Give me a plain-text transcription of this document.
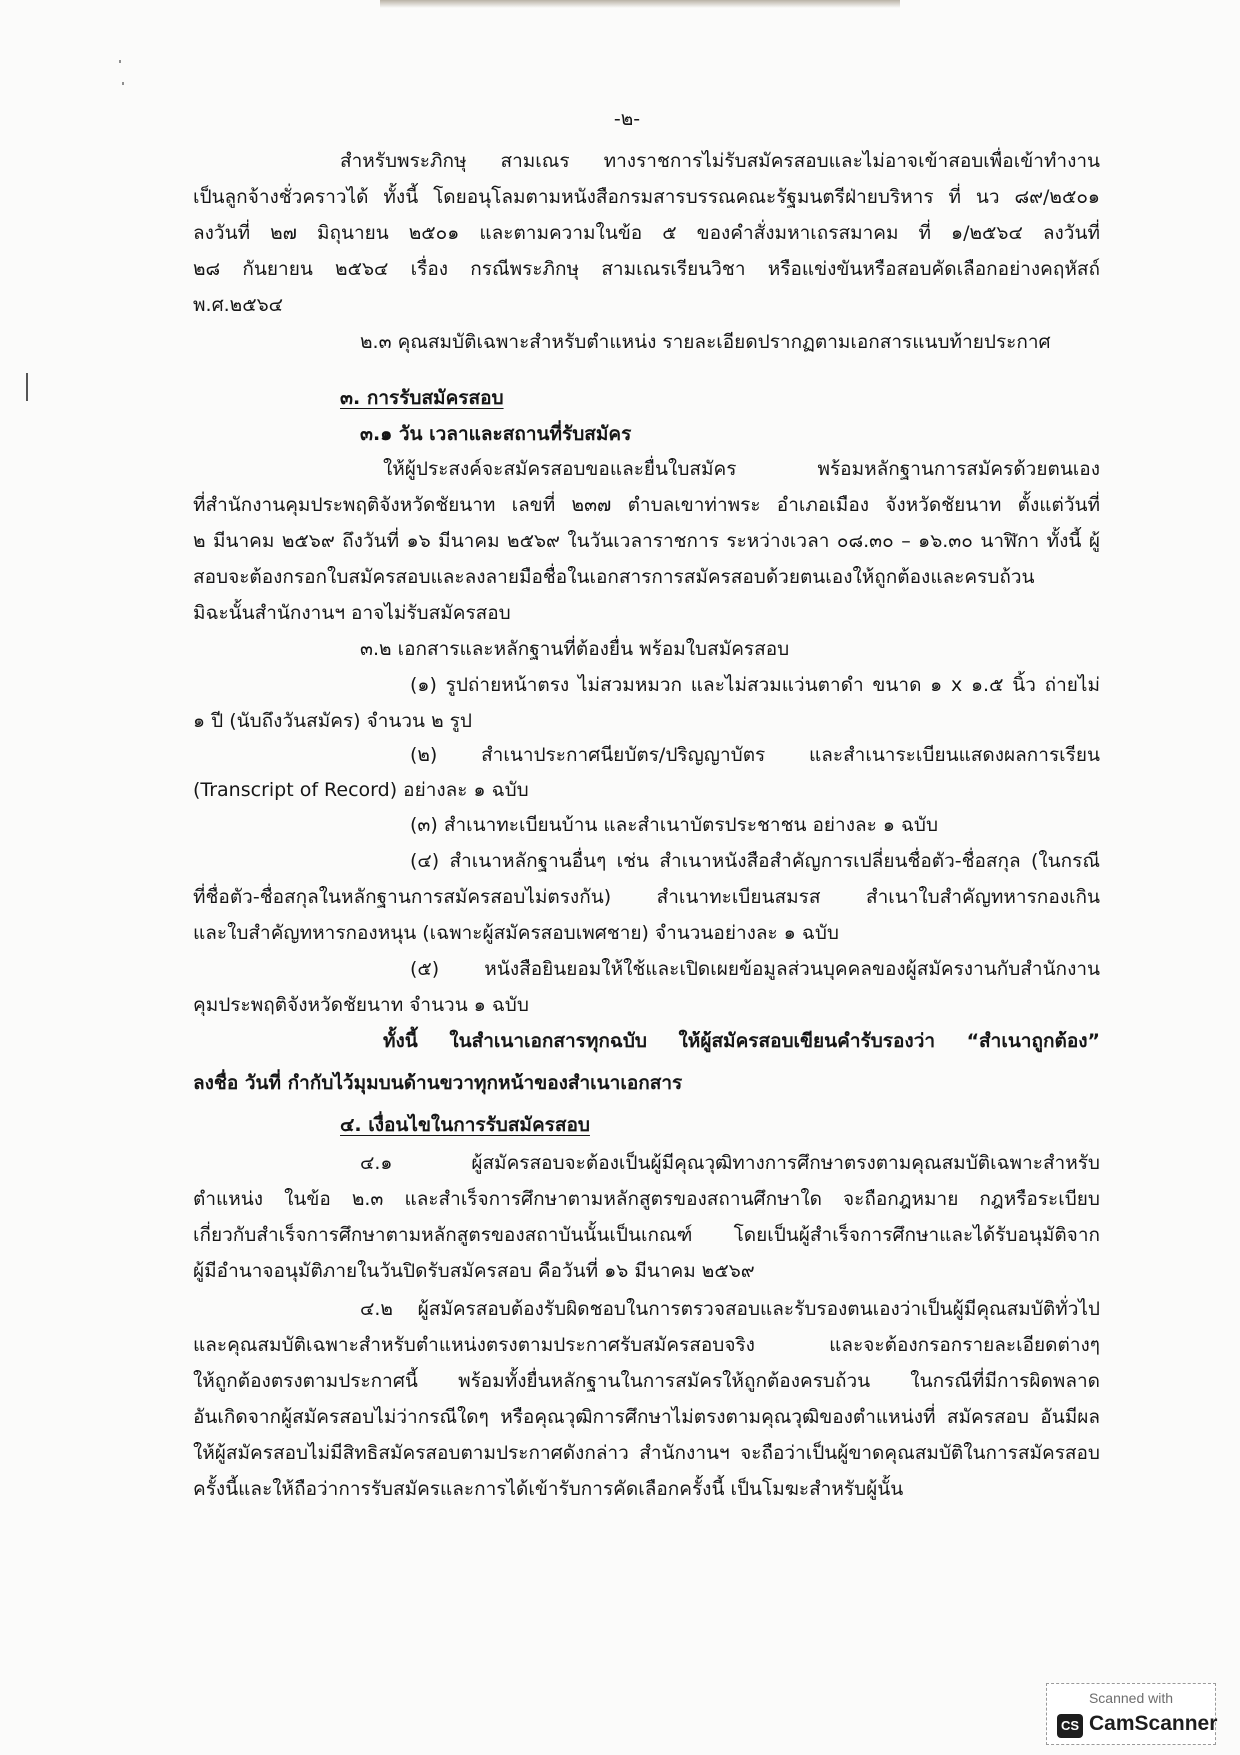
-๒-
สำหรับพระภิกษุ สามเณร ทางราชการไม่รับสมัครสอบและไม่อาจเข้าสอบเพื่อเข้าทำงาน
เป็นลูกจ้างชั่วคราวได้ ทั้งนี้ โดยอนุโลมตามหนังสือกรมสารบรรณคณะรัฐมนตรีฝ่ายบริหาร ที่ นว ๘๙/๒๕๐๑
ลงวันที่ ๒๗ มิถุนายน ๒๕๐๑ และตามความในข้อ ๕ ของคำสั่งมหาเถรสมาคม ที่ ๑/๒๕๖๔ ลงวันที่
๒๘ กันยายน ๒๕๖๔ เรื่อง กรณีพระภิกษุ สามเณรเรียนวิชา หรือแข่งขันหรือสอบคัดเลือกอย่างคฤหัสถ์
พ.ศ.๒๕๖๔
๒.๓ คุณสมบัติเฉพาะสำหรับตำแหน่ง รายละเอียดปรากฏตามเอกสารแนบท้ายประกาศ
๓. การรับสมัครสอบ
๓.๑ วัน เวลาและสถานที่รับสมัคร
ให้ผู้ประสงค์จะสมัครสอบขอและยื่นใบสมัคร พร้อมหลักฐานการสมัครด้วยตนเอง
ที่สำนักงานคุมประพฤติจังหวัดชัยนาท เลขที่ ๒๓๗ ตำบลเขาท่าพระ อำเภอเมือง จังหวัดชัยนาท ตั้งแต่วันที่
๒ มีนาคม ๒๕๖๙ ถึงวันที่ ๑๖ มีนาคม ๒๕๖๙ ในวันเวลาราชการ ระหว่างเวลา ๐๘.๓๐ – ๑๖.๓๐ นาฬิกา ทั้งนี้ ผู้
สอบจะต้องกรอกใบสมัครสอบและลงลายมือชื่อในเอกสารการสมัครสอบด้วยตนเองให้ถูกต้องและครบถ้วน
มิฉะนั้นสำนักงานฯ อาจไม่รับสมัครสอบ
๓.๒ เอกสารและหลักฐานที่ต้องยื่น พร้อมใบสมัครสอบ
(๑) รูปถ่ายหน้าตรง ไม่สวมหมวก และไม่สวมแว่นตาดำ ขนาด ๑ x ๑.๕ นิ้ว ถ่ายไม่
๑ ปี (นับถึงวันสมัคร) จำนวน ๒ รูป
(๒) สำเนาประกาศนียบัตร/ปริญญาบัตร และสำเนาระเบียนแสดงผลการเรียน
(Transcript of Record) อย่างละ ๑ ฉบับ
(๓) สำเนาทะเบียนบ้าน และสำเนาบัตรประชาชน อย่างละ ๑ ฉบับ
(๔) สำเนาหลักฐานอื่นๆ เช่น สำเนาหนังสือสำคัญการเปลี่ยนชื่อตัว-ชื่อสกุล (ในกรณี
ที่ชื่อตัว-ชื่อสกุลในหลักฐานการสมัครสอบไม่ตรงกัน) สำเนาทะเบียนสมรส สำเนาใบสำคัญทหารกองเกิน
และใบสำคัญทหารกองหนุน (เฉพาะผู้สมัครสอบเพศชาย) จำนวนอย่างละ ๑ ฉบับ
(๕) หนังสือยินยอมให้ใช้และเปิดเผยข้อมูลส่วนบุคคลของผู้สมัครงานกับสำนักงาน
คุมประพฤติจังหวัดชัยนาท จำนวน ๑ ฉบับ
ทั้งนี้ ในสำเนาเอกสารทุกฉบับ ให้ผู้สมัครสอบเขียนคำรับรองว่า “สำเนาถูกต้อง”
ลงชื่อ วันที่ กำกับไว้มุมบนด้านขวาทุกหน้าของสำเนาเอกสาร
๔. เงื่อนไขในการรับสมัครสอบ
๔.๑ ผู้สมัครสอบจะต้องเป็นผู้มีคุณวุฒิทางการศึกษาตรงตามคุณสมบัติเฉพาะสำหรับ
ตำแหน่ง ในข้อ ๒.๓ และสำเร็จการศึกษาตามหลักสูตรของสถานศึกษาใด จะถือกฎหมาย กฎหรือระเบียบ
เกี่ยวกับสำเร็จการศึกษาตามหลักสูตรของสถาบันนั้นเป็นเกณฑ์ โดยเป็นผู้สำเร็จการศึกษาและได้รับอนุมัติจาก
ผู้มีอำนาจอนุมัติภายในวันปิดรับสมัครสอบ คือวันที่ ๑๖ มีนาคม ๒๕๖๙
๔.๒ ผู้สมัครสอบต้องรับผิดชอบในการตรวจสอบและรับรองตนเองว่าเป็นผู้มีคุณสมบัติทั่วไป
และคุณสมบัติเฉพาะสำหรับตำแหน่งตรงตามประกาศรับสมัครสอบจริง และจะต้องกรอกรายละเอียดต่างๆ
ให้ถูกต้องตรงตามประกาศนี้ พร้อมทั้งยื่นหลักฐานในการสมัครให้ถูกต้องครบถ้วน ในกรณีที่มีการผิดพลาด
อันเกิดจากผู้สมัครสอบไม่ว่ากรณีใดๆ หรือคุณวุฒิการศึกษาไม่ตรงตามคุณวุฒิของตำแหน่งที่ สมัครสอบ อันมีผล
ให้ผู้สมัครสอบไม่มีสิทธิสมัครสอบตามประกาศดังกล่าว สำนักงานฯ จะถือว่าเป็นผู้ขาดคุณสมบัติในการสมัครสอบ
ครั้งนี้และให้ถือว่าการรับสมัครและการได้เข้ารับการคัดเลือกครั้งนี้ เป็นโมฆะสำหรับผู้นั้น
Scanned with
CS CamScanner
